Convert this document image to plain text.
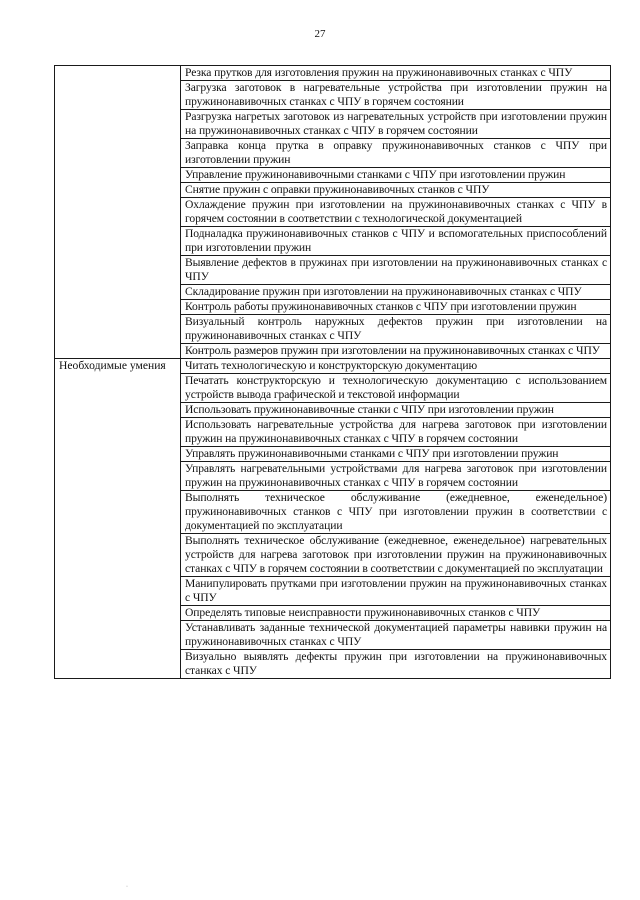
27
	Резка прутков для изготовления пружин на пружинонавивочных станках с ЧПУ
	Загрузка заготовок в нагревательные устройства при изготовлении пружин на пружинонавивочных станках с ЧПУ в горячем состоянии
	Разгрузка нагретых заготовок из нагревательных устройств при изготовлении пружин на пружинонавивочных станках с ЧПУ в горячем состоянии
	Заправка конца прутка в оправку пружинонавивочных станков с ЧПУ при изготовлении пружин
	Управление пружинонавивочными станками с ЧПУ при изготовлении пружин
	Снятие пружин с оправки пружинонавивочных станков с ЧПУ
	Охлаждение пружин при изготовлении на пружинонавивочных станках с ЧПУ в горячем состоянии в соответствии с технологической документацией
	Подналадка пружинонавивочных станков с ЧПУ и вспомогательных приспособлений при изготовлении пружин
	Выявление дефектов в пружинах при изготовлении на пружинонавивочных станках с ЧПУ
	Складирование пружин при изготовлении на пружинонавивочных станках с ЧПУ
	Контроль работы пружинонавивочных станков с ЧПУ при изготовлении пружин
	Визуальный контроль наружных дефектов пружин при изготовлении на пружинонавивочных станках с ЧПУ
	Контроль размеров пружин при изготовлении на пружинонавивочных станках с ЧПУ
Необходимые умения	Читать технологическую и конструкторскую документацию
	Печатать конструкторскую и технологическую документацию с использованием устройств вывода графической и текстовой информации
	Использовать пружинонавивочные станки с ЧПУ при изготовлении пружин
	Использовать нагревательные устройства для нагрева заготовок при изготовлении пружин на пружинонавивочных станках с ЧПУ в горячем состоянии
	Управлять пружинонавивочными станками с ЧПУ при изготовлении пружин
	Управлять нагревательными устройствами для нагрева заготовок при изготовлении пружин на пружинонавивочных станках с ЧПУ в горячем состоянии
	Выполнять техническое обслуживание (ежедневное, еженедельное) пружинонавивочных станков с ЧПУ при изготовлении пружин в соответствии с документацией по эксплуатации
	Выполнять техническое обслуживание (ежедневное, еженедельное) нагревательных устройств для нагрева заготовок при изготовлении пружин на пружинонавивочных станках с ЧПУ в горячем состоянии в соответствии с документацией по эксплуатации
	Манипулировать прутками при изготовлении пружин на пружинонавивочных станках с ЧПУ
	Определять типовые неисправности пружинонавивочных станков с ЧПУ
	Устанавливать заданные технической документацией параметры навивки пружин на пружинонавивочных станках с ЧПУ
	Визуально выявлять дефекты пружин при изготовлении на пружинонавивочных станках с ЧПУ
·
